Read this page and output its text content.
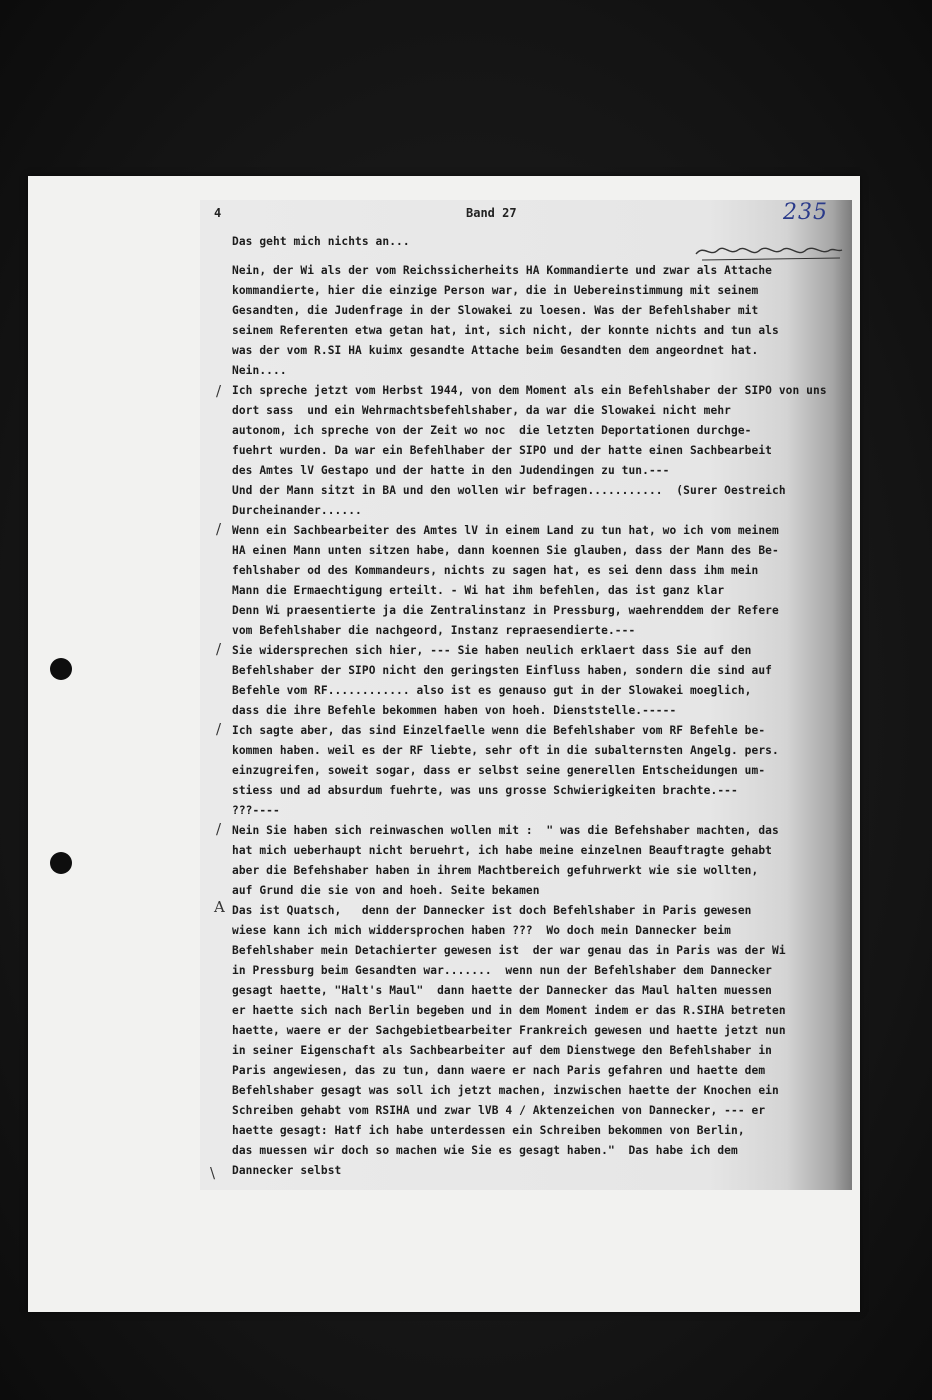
4	Band 27	235
Das geht mich nichts an...
Nein, der Wi als der vom Reichssicherheits HA Kommandierte und zwar als Attache
kommandierte, hier die einzige Person war, die in Uebereinstimmung mit seinem
Gesandten, die Judenfrage in der Slowakei zu loesen. Was der Befehlshaber mit
seinem Referenten etwa getan hat, int, sich nicht, der konnte nichts and tun als
was der vom R.SI HA kuimx gesandte Attache beim Gesandten dem angeordnet hat.
Nein....
Ich spreche jetzt vom Herbst 1944, von dem Moment als ein Befehlshaber der SIPO von uns
dort sass  und ein Wehrmachtsbefehlshaber, da war die Slowakei nicht mehr
autonom, ich spreche von der Zeit wo noc  die letzten Deportationen durchge-
fuehrt wurden. Da war ein Befehlhaber der SIPO und der hatte einen Sachbearbeit
des Amtes lV Gestapo und der hatte in den Judendingen zu tun.---
Und der Mann sitzt in BA und den wollen wir befragen...........  (Surer Oestreich
Durcheinander......
Wenn ein Sachbearbeiter des Amtes lV in einem Land zu tun hat, wo ich vom meinem
HA einen Mann unten sitzen habe, dann koennen Sie glauben, dass der Mann des Be-
fehlshaber od des Kommandeurs, nichts zu sagen hat, es sei denn dass ihm mein
Mann die Ermaechtigung erteilt. - Wi hat ihm befehlen, das ist ganz klar
Denn Wi praesentierte ja die Zentralinstanz in Pressburg, waehrenddem der Refere
vom Befehlshaber die nachgeord, Instanz repraesendierte.---
Sie widersprechen sich hier, --- Sie haben neulich erklaert dass Sie auf den
Befehlshaber der SIPO nicht den geringsten Einfluss haben, sondern die sind auf
Befehle vom RF............ also ist es genauso gut in der Slowakei moeglich,
dass die ihre Befehle bekommen haben von hoeh. Dienststelle.-----
Ich sagte aber, das sind Einzelfaelle wenn die Befehlshaber vom RF Befehle be-
kommen haben. weil es der RF liebte, sehr oft in die subalternsten Angelg. pers.
einzugreifen, soweit sogar, dass er selbst seine generellen Entscheidungen um-
stiess und ad absurdum fuehrte, was uns grosse Schwierigkeiten brachte.---
???----
Nein Sie haben sich reinwaschen wollen mit :  " was die Befehshaber machten, das
hat mich ueberhaupt nicht beruehrt, ich habe meine einzelnen Beauftragte gehabt
aber die Befehshaber haben in ihrem Machtbereich gefuhrwerkt wie sie wollten,
auf Grund die sie von and hoeh. Seite bekamen
Das ist Quatsch,   denn der Dannecker ist doch Befehlshaber in Paris gewesen
wiese kann ich mich widdersprochen haben ???  Wo doch mein Dannecker beim
Befehlshaber mein Detachierter gewesen ist  der war genau das in Paris was der Wi
in Pressburg beim Gesandten war.......  wenn nun der Befehlshaber dem Dannecker
gesagt haette, "Halt's Maul"  dann haette der Dannecker das Maul halten muessen
er haette sich nach Berlin begeben und in dem Moment indem er das R.SIHA betreten
haette, waere er der Sachgebietbearbeiter Frankreich gewesen und haette jetzt nun
in seiner Eigenschaft als Sachbearbeiter auf dem Dienstwege den Befehlshaber in
Paris angewiesen, das zu tun, dann waere er nach Paris gefahren und haette dem
Befehlshaber gesagt was soll ich jetzt machen, inzwischen haette der Knochen ein
Schreiben gehabt vom RSIHA und zwar lVB 4 / Aktenzeichen von Dannecker, --- er
haette gesagt: Hatf ich habe unterdessen ein Schreiben bekommen von Berlin,
das muessen wir doch so machen wie Sie es gesagt haben."  Das habe ich dem
Dannecker selbst
/
/
/
/
/
A
\
